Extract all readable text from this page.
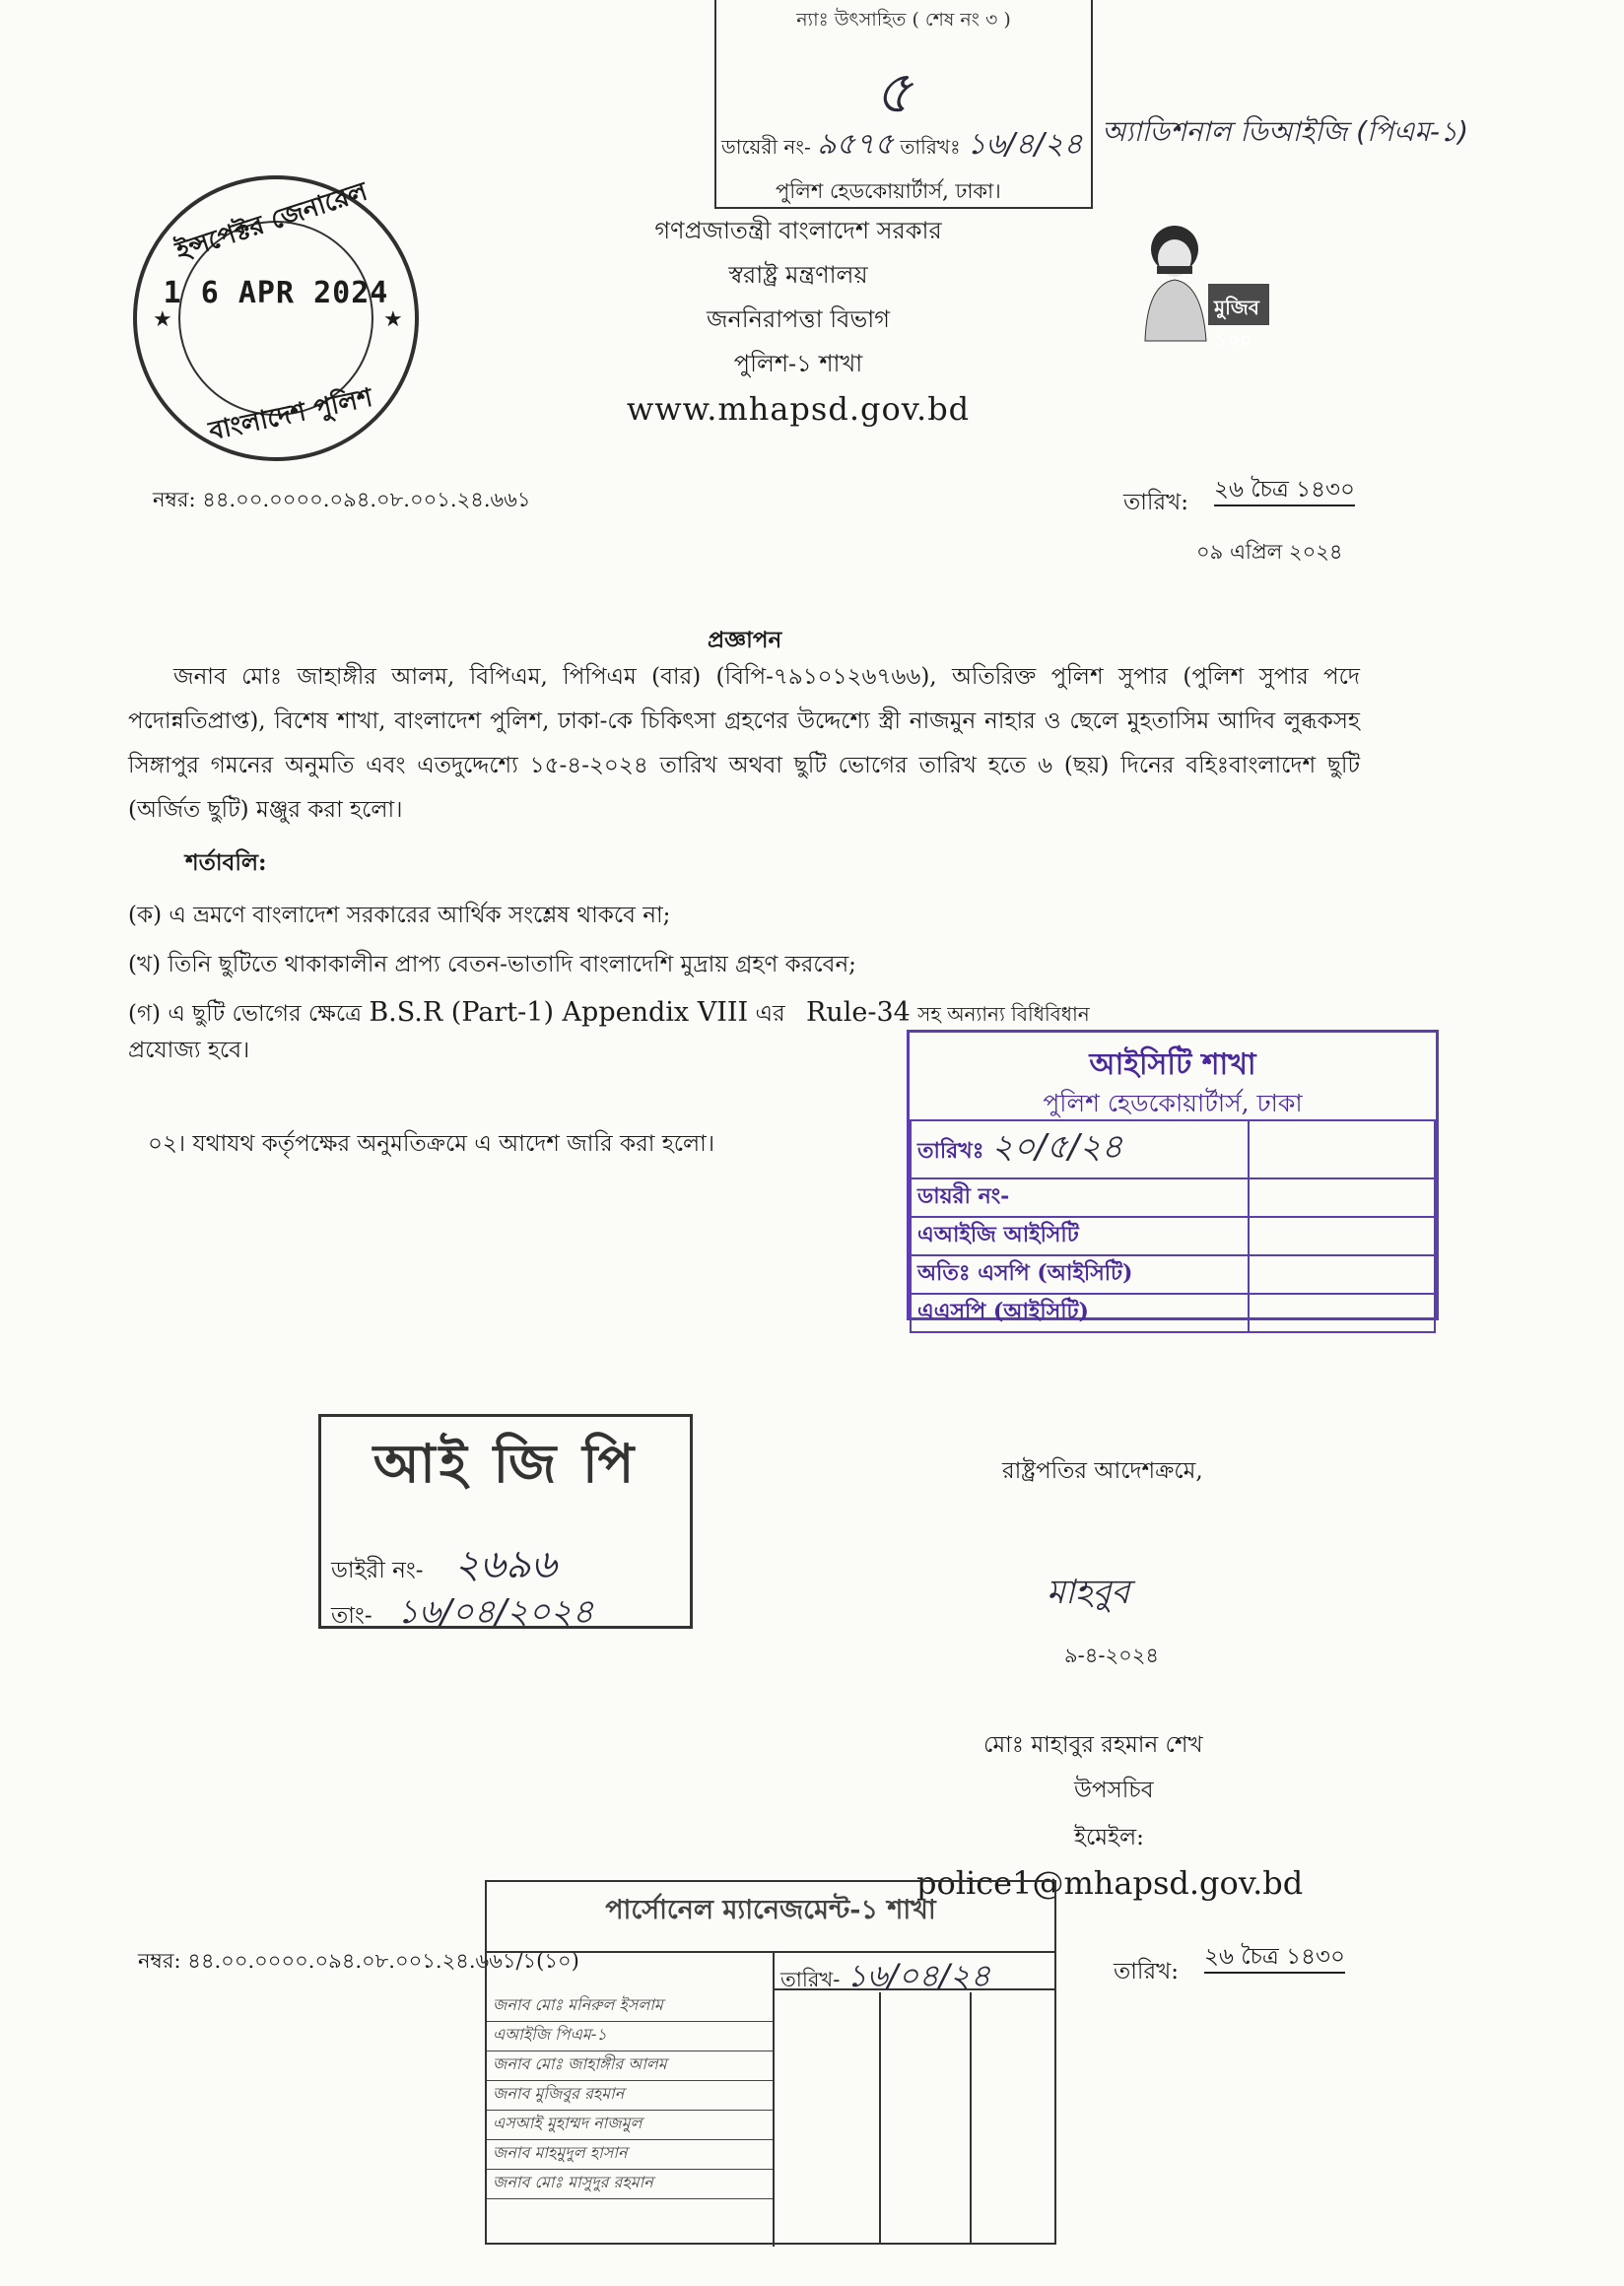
ন্যাঃ উৎসাহিত ( শেষ নং ৩ )
৫
ডায়েরী নং- ৯৫৭৫ তারিখঃ ১৬/৪/২৪
পুলিশ হেডকোয়ার্টার্স, ঢাকা।
অ্যাডিশনাল ডিআইজি (পিএম-১)
ইন্সপেক্টর জেনারেল
1 6 APR 2024
বাংলাদেশ পুলিশ
★	★
গণপ্রজাতন্ত্রী বাংলাদেশ সরকার
স্বরাষ্ট্র মন্ত্রণালয়
জননিরাপত্তা বিভাগ
পুলিশ-১ শাখা
www.mhapsd.gov.bd
মুজিব ১০০
নম্বর: ৪৪.০০.০০০০.০৯৪.০৮.০০১.২৪.৬৬১	তারিখ: ২৬ চৈত্র ১৪৩০
০৯ এপ্রিল ২০২৪
প্রজ্ঞাপন
জনাব মোঃ জাহাঙ্গীর আলম, বিপিএম, পিপিএম (বার) (বিপি-৭৯১০১২৬৭৬৬), অতিরিক্ত পুলিশ সুপার (পুলিশ সুপার পদে পদোন্নতিপ্রাপ্ত), বিশেষ শাখা, বাংলাদেশ পুলিশ, ঢাকা-কে চিকিৎসা গ্রহণের উদ্দেশ্যে স্ত্রী নাজমুন নাহার ও ছেলে মুহতাসিম আদিব লুব্ধকসহ সিঙ্গাপুর গমনের অনুমতি এবং এতদুদ্দেশ্যে ১৫-৪-২০২৪ তারিখ অথবা ছুটি ভোগের তারিখ হতে ৬ (ছয়) দিনের বহিঃবাংলাদেশ ছুটি (অর্জিত ছুটি) মঞ্জুর করা হলো।
শর্তাবলি:
(ক) এ ভ্রমণে বাংলাদেশ সরকারের আর্থিক সংশ্লেষ থাকবে না;
(খ) তিনি ছুটিতে থাকাকালীন প্রাপ্য বেতন-ভাতাদি বাংলাদেশি মুদ্রায় গ্রহণ করবেন;
(গ) এ ছুটি ভোগের ক্ষেত্রে B.S.R (Part-1) Appendix VIII এর Rule-34 সহ অন্যান্য বিধিবিধান
প্রযোজ্য হবে।
০২। যথাযথ কর্তৃপক্ষের অনুমতিক্রমে এ আদেশ জারি করা হলো।
আইসিটি শাখা
পুলিশ হেডকোয়ার্টার্স, ঢাকা
তারিখঃ ২০/৫/২৪	
ডায়রী নং-	
এআইজি আইসিটি	
অতিঃ এসপি (আইসিটি)	
এএসপি (আইসিটি)	
আই জি পি
ডাইরী নং- ২৬৯৬
তাং- ১৬/০৪/২০২৪
রাষ্ট্রপতির আদেশক্রমে,
মাহবুব
৯-৪-২০২৪
মোঃ মাহাবুর রহমান শেখ
উপসচিব
ইমেইল:
police1@mhapsd.gov.bd
নম্বর: ৪৪.০০.০০০০.০৯৪.০৮.০০১.২৪.৬৬১/১(১০)	তারিখ:
২৬ চৈত্র ১৪৩০
পার্সোনেল ম্যানেজমেন্ট-১ শাখা
তারিখ- ১৬/০৪/২৪
জনাব মোঃ মনিরুল ইসলাম
এআইজি পিএম-১
জনাব মোঃ জাহাঙ্গীর আলম
জনাব মুজিবুর রহমান
এসআই মুহাম্মদ নাজমুল
জনাব মাহমুদুল হাসান
জনাব মোঃ মাসুদুর রহমান
